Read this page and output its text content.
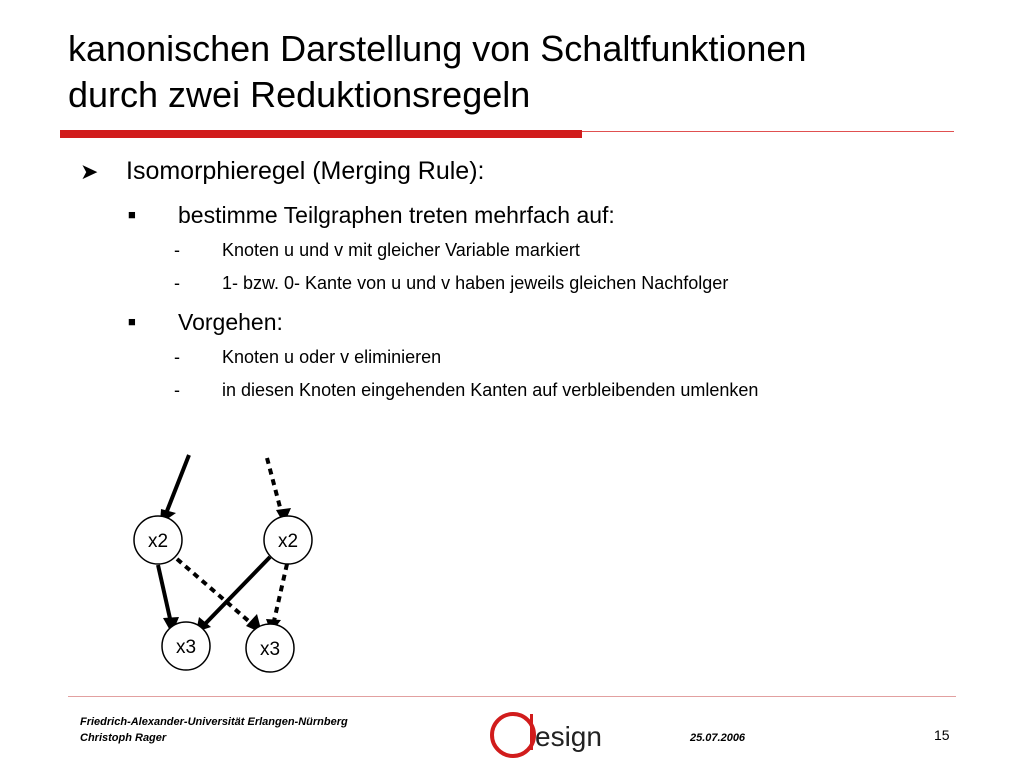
kanonischen Darstellung von Schaltfunktionen
durch zwei Reduktionsregeln
➤	Isomorphieregel (Merging Rule):
■	bestimme Teilgraphen treten mehrfach auf:
-	Knoten u und v mit gleicher Variable markiert
-	1- bzw. 0- Kante von u und v haben jeweils gleichen Nachfolger
■	Vorgehen:
-	Knoten u oder v eliminieren
-	in diesen Knoten eingehenden Kanten auf verbleibenden umlenken
x2	x2
x3	x3
Friedrich-Alexander-Universität Erlangen-Nürnberg
Christoph Rager	esign	25.07.2006	15
